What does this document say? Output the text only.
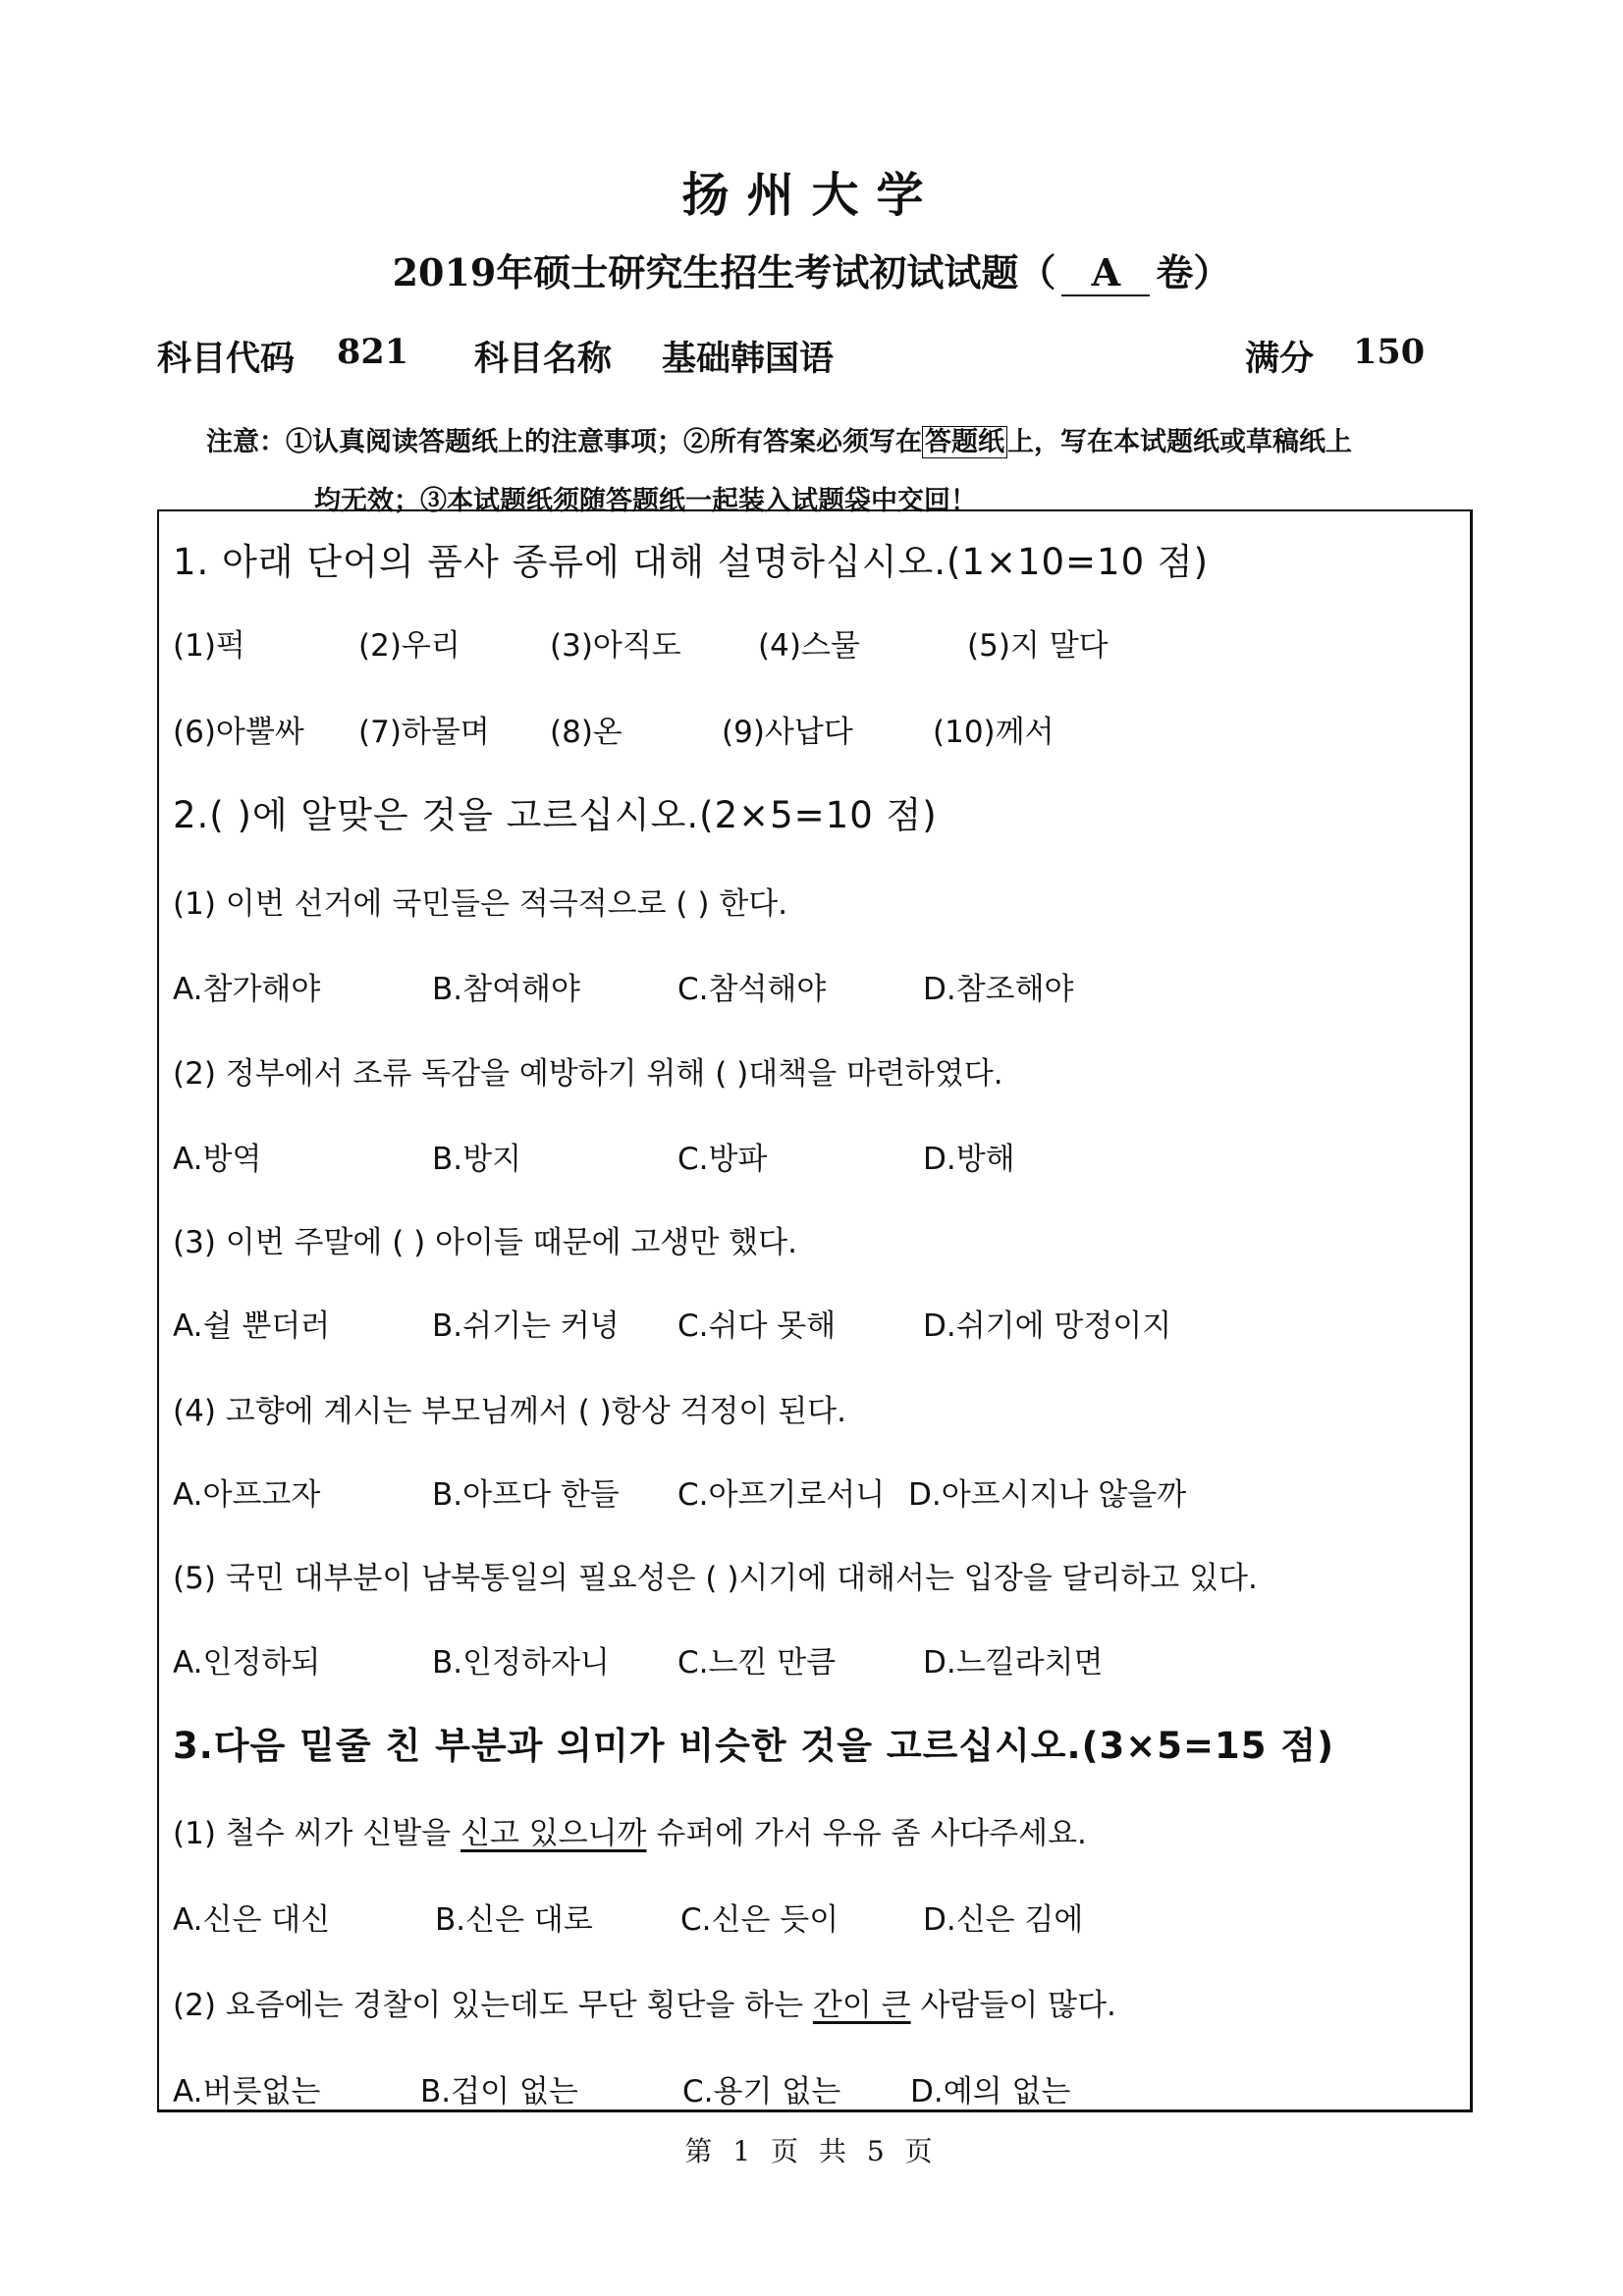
扬州大学
2019年硕士研究生招生考试初试试题（ A 卷）
科目代码 821 科目名称 基础韩国语	满分 150
注意：①认真阅读答题纸上的注意事项；②所有答案必须写在 答题纸 上，写在本试题纸或草稿纸上
均无效；③本试题纸须随答题纸一起装入试题袋中交回！
1. 아래 단어의 품사 종류에 대해 설명하십시오.(1×10=10 점)
(1)퍽	(2)우리	(3)아직도	(4)스물	(5)지 말다
(6)아뿔싸 (7)하물며 (8)온	(9)사납다	(10)께서
2.( )에 알맞은 것을 고르십시오.(2×5=10 점)
(1) 이번 선거에 국민들은 적극적으로 ( ) 한다.
A.참가해야	B.참여해야	C.참석해야	D.참조해야
(2) 정부에서 조류 독감을 예방하기 위해 ( )대책을 마련하였다.
A.방역	B.방지	C.방파	D.방해
(3) 이번 주말에 ( ) 아이들 때문에 고생만 했다.
A.쉴 뿐더러	B.쉬기는 커녕 C.쉬다 못해	D.쉬기에 망정이지
(4) 고향에 계시는 부모님께서 ( )항상 걱정이 된다.
A.아프고자	B.아프다 한들 C.아프기로서니 D.아프시지나 않을까
(5) 국민 대부분이 남북통일의 필요성은 ( )시기에 대해서는 입장을 달리하고 있다.
A.인정하되	B.인정하자니 C.느낀 만큼	D.느낄라치면
3.다음 밑줄 친 부분과 의미가 비슷한 것을 고르십시오.(3×5=15 점)
(1) 철수 씨가 신발을 신고 있으니까 슈퍼에 가서 우유 좀 사다주세요.
A.신은 대신	B.신은 대로	C.신은 듯이	D.신은 김에
(2) 요즘에는 경찰이 있는데도 무단 횡단을 하는 간이 큰 사람들이 많다.
A.버릇없는	B.겁이 없는	C.용기 없는 D.예의 없는
第 1 页 共 5 页
